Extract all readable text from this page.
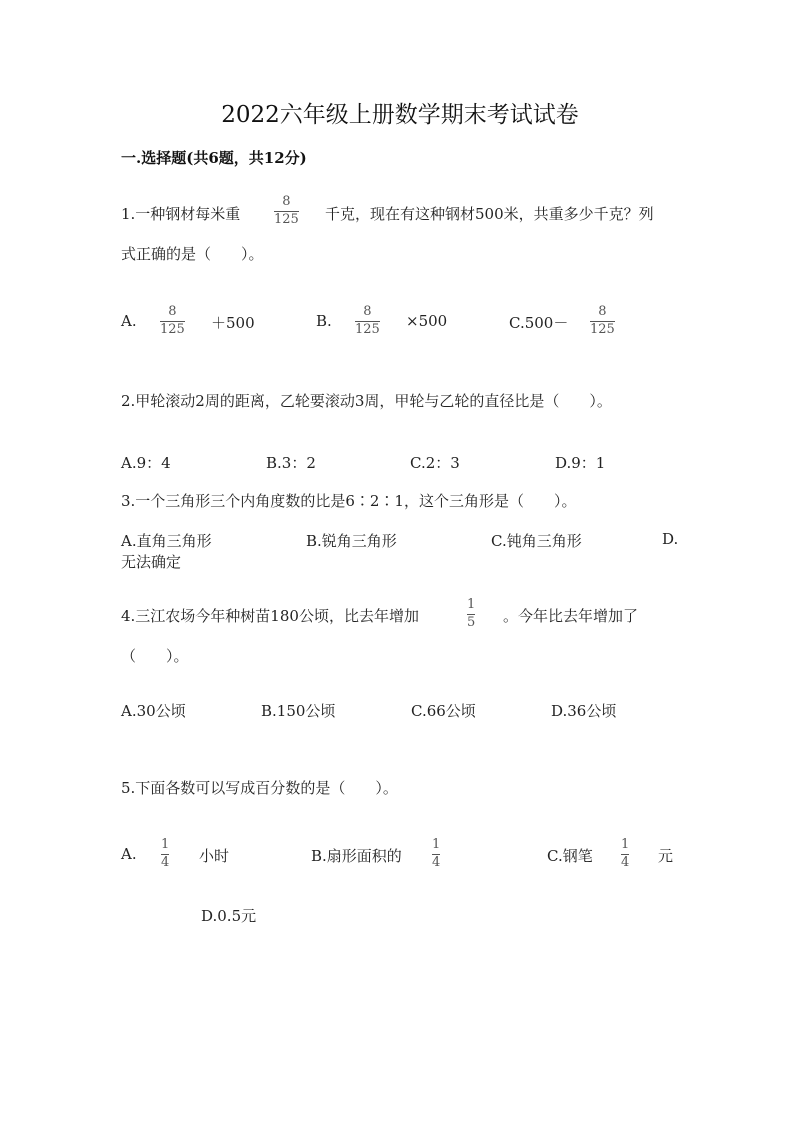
2022六年级上册数学期末考试试卷
一.选择题(共6题，共12分)
1.一种钢材每米重
8
125 千克，现在有这种钢材500米，共重多少千克？列
式正确的是（　　）。
A.
8
125 ＋500	B.
8
125 ×500	C.500－
8
125
2.甲轮滚动2周的距离，乙轮要滚动3周，甲轮与乙轮的直径比是（　　）。
A.9：4	B.3：2	C.2：3	D.9：1
3.一个三角形三个内角度数的比是6∶2∶1，这个三角形是（　　）。
A.直角三角形	B.锐角三角形	C.钝角三角形	D.
无法确定
4.三江农场今年种树苗180公顷，比去年增加
1
5 。今年比去年增加了
（　　）。
A.30公顷	B.150公顷	C.66公顷	D.36公顷
5.下面各数可以写成百分数的是（　　）。
A.
1
4 小时	B.扇形面积的
1
4	C.钢笔
1
4 元
D.0.5元
